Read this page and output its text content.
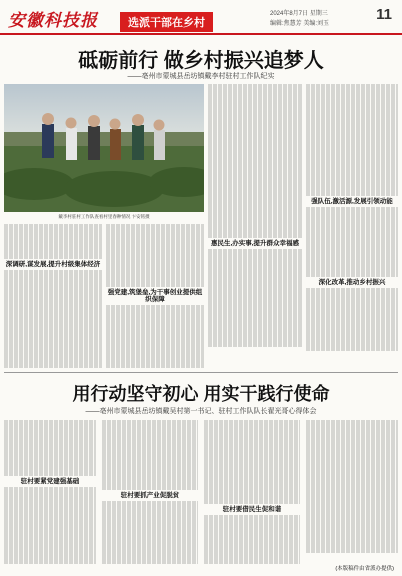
安徽科技报	选派干部在乡村
2024年8月7日 星期三
编辑:焦慧芳 美编:刘玉
11
砥砺前行 做乡村振兴追梦人
——亳州市蒙城县岳坊镇戴李村驻村工作队纪实
戴李村驻村工作队查看村里春种情况 卞安铭摄
深调研,谋发展,提升村级集体经济
强党建,筑堡垒,为干事创业提供组织保障
惠民生,办实事,提升群众幸福感
强队伍,激活源,发展引领动能
深化改革,推动乡村振兴
用行动坚守初心 用实干践行使命
——亳州市蒙城县岳坊镇戴吴村第一书记、驻村工作队队长翟光哥心得体会
驻村要紧党建强基础
驻村要抓产业促脱贫
驻村要借民生促和谐
(本版稿件由省派办提供)
